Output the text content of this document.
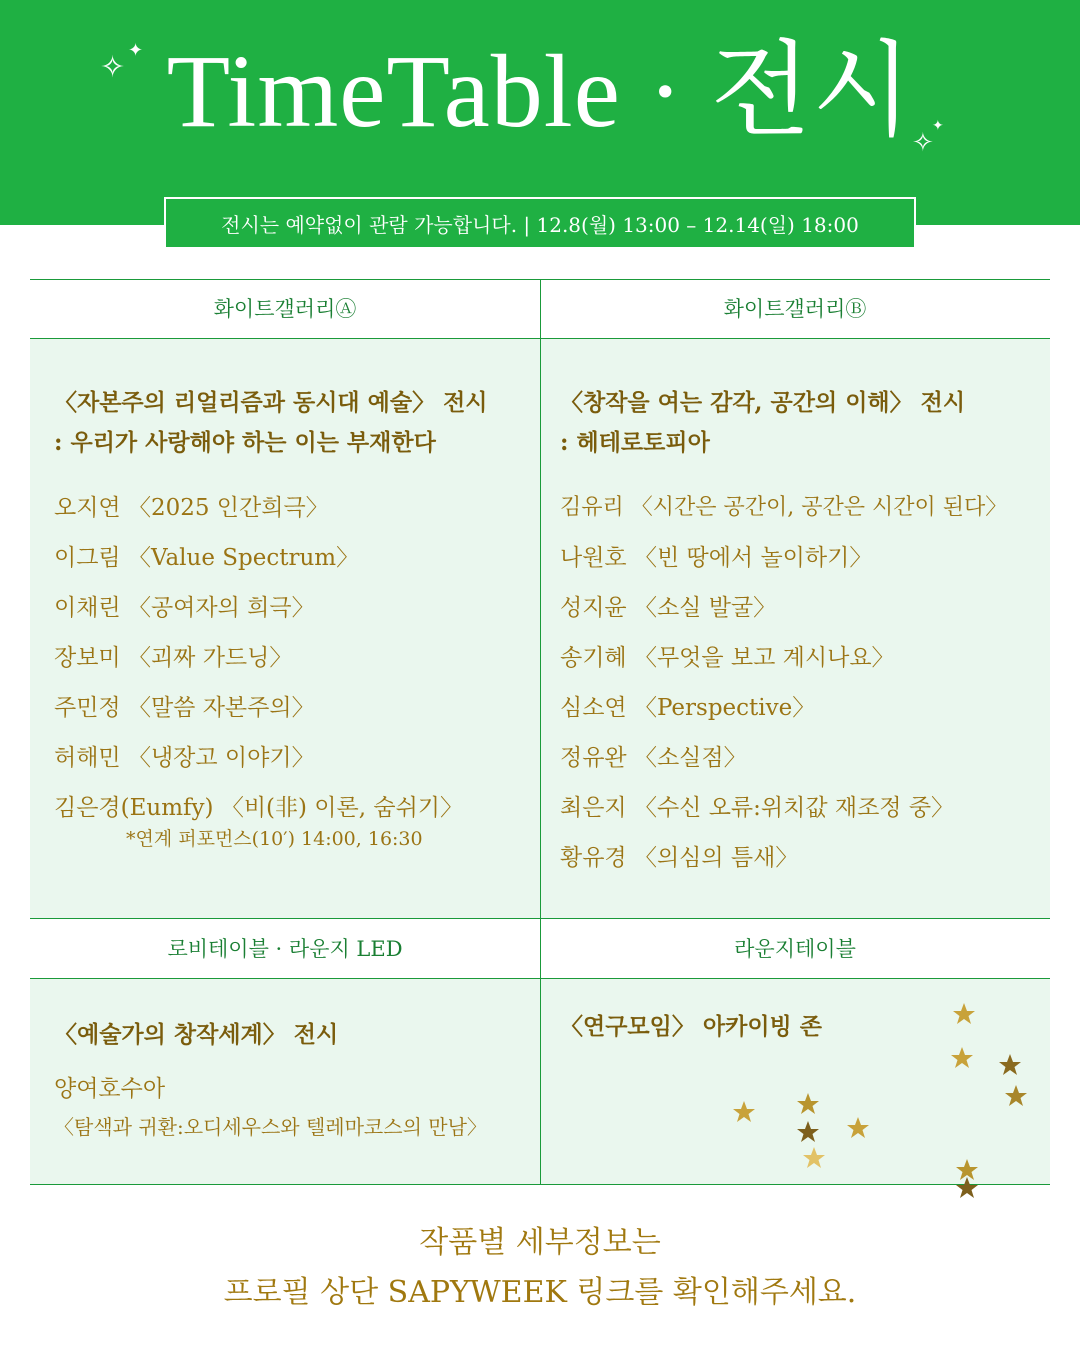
✧ ✦
✧
✦
TimeTable · 전시
전시는 예약없이 관람 가능합니다. | 12.8(월) 13:00 – 12.14(일) 18:00
화이트갤러리Ⓐ	화이트갤러리Ⓑ
로비테이블 · 라운지 LED	라운지테이블
〈자본주의 리얼리즘과 동시대 예술〉 전시
: 우리가 사랑해야 하는 이는 부재한다
오지연 〈2025 인간희극〉
이그림 〈Value Spectrum〉
이채린 〈공여자의 희극〉
장보미 〈괴짜 가드닝〉
주민정 〈말씀 자본주의〉
허해민 〈냉장고 이야기〉
김은경(Eumfy) 〈비(非) 이론, 숨쉬기〉
*연계 퍼포먼스(10′) 14:00, 16:30
〈창작을 여는 감각, 공간의 이해〉 전시
: 헤테로토피아
김유리 〈시간은 공간이, 공간은 시간이 된다〉
나원호 〈빈 땅에서 놀이하기〉
성지윤 〈소실 발굴〉
송기혜 〈무엇을 보고 계시나요〉
심소연 〈Perspective〉
정유완 〈소실점〉
최은지 〈수신 오류:위치값 재조정 중〉
황유경 〈의심의 틈새〉
〈예술가의 창작세계〉 전시
양여호수아
〈탐색과 귀환:오디세우스와 텔레마코스의 만남〉
〈연구모임〉 아카이빙 존
작품별 세부정보는
프로필 상단 SAPYWEEK 링크를 확인해주세요.
